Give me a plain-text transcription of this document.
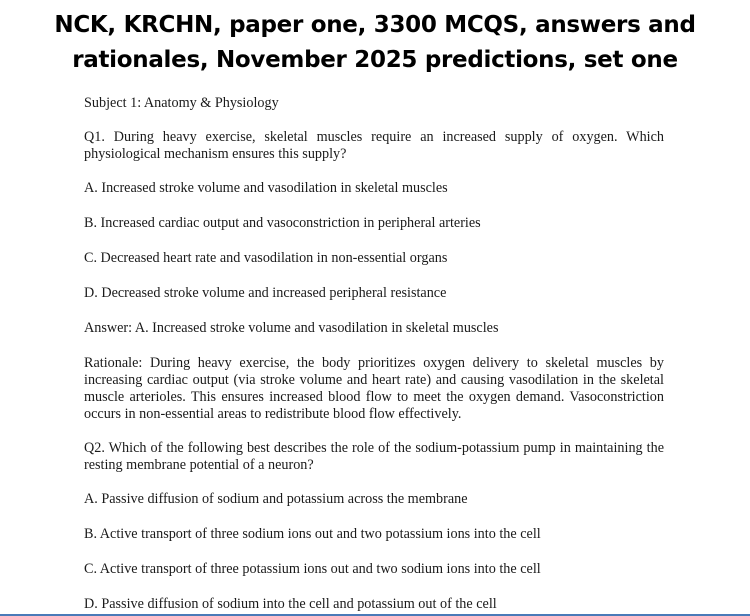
NCK, KRCHN, paper one, 3300 MCQS, answers and
rationales, November 2025 predictions, set one

Subject 1: Anatomy & Physiology

Q1. During heavy exercise, skeletal muscles require an increased supply of oxygen. Which physiological mechanism ensures this supply?

A. Increased stroke volume and vasodilation in skeletal muscles

B. Increased cardiac output and vasoconstriction in peripheral arteries

C. Decreased heart rate and vasodilation in non-essential organs

D. Decreased stroke volume and increased peripheral resistance

Answer: A. Increased stroke volume and vasodilation in skeletal muscles

Rationale: During heavy exercise, the body prioritizes oxygen delivery to skeletal muscles by increasing cardiac output (via stroke volume and heart rate) and causing vasodilation in the skeletal muscle arterioles. This ensures increased blood flow to meet the oxygen demand. Vasoconstriction occurs in non-essential areas to redistribute blood flow effectively.

Q2. Which of the following best describes the role of the sodium-potassium pump in maintaining the resting membrane potential of a neuron?

A. Passive diffusion of sodium and potassium across the membrane

B. Active transport of three sodium ions out and two potassium ions into the cell

C. Active transport of three potassium ions out and two sodium ions into the cell

D. Passive diffusion of sodium into the cell and potassium out of the cell
